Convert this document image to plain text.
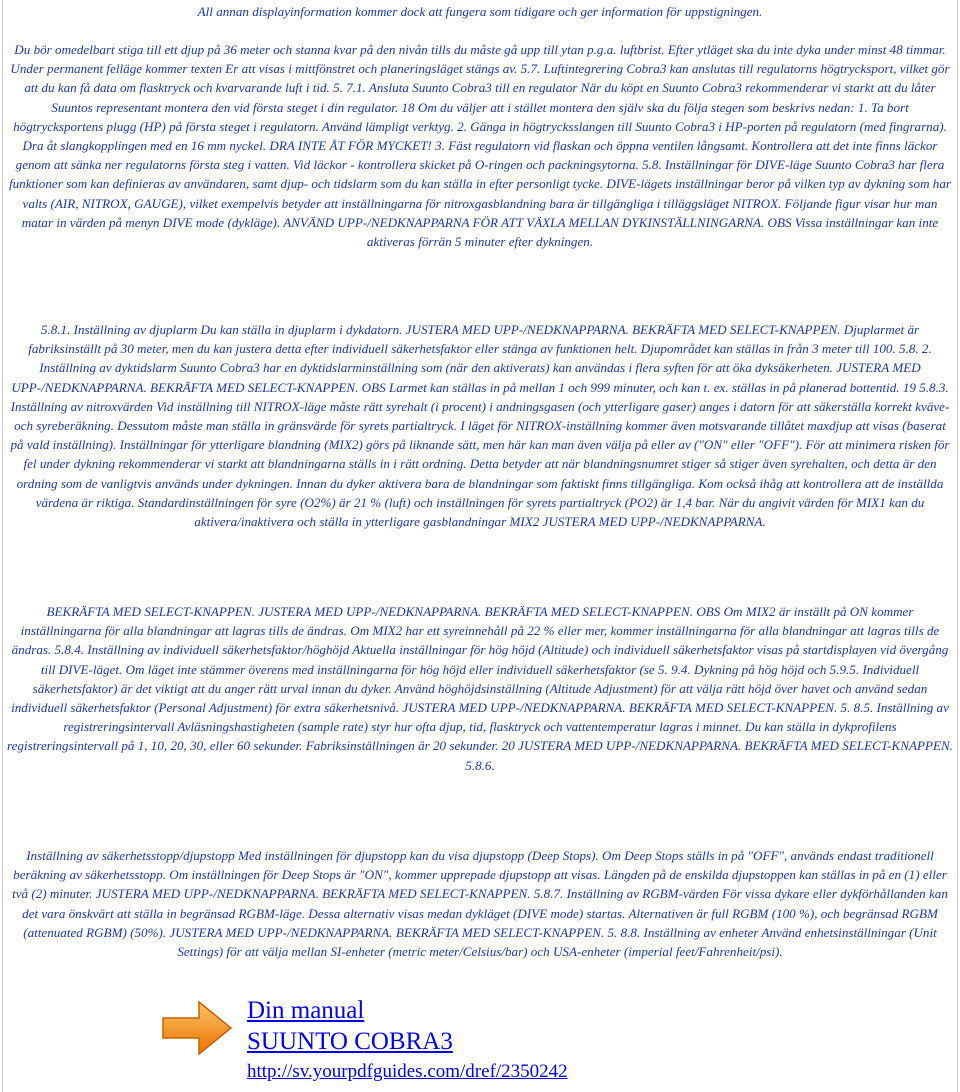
All annan displayinformation kommer dock att fungera som tidigare och ger information för uppstigningen.

Du bör omedelbart stiga till ett djup på 36 meter och stanna kvar på den nivån tills du måste gå upp till ytan p.g.a. luftbrist. Efter ytläget ska du inte dyka under minst 48 timmar. Under permanent felläge kommer texten Er att visas i mittfönstret och planeringsläget stängs av. 5.7. Luftintegrering Cobra3 kan anslutas till regulatorns högtrycksport, vilket gör att du kan få data om flasktryck och kvarvarande luft i tid. 5. 7.1. Ansluta Suunto Cobra3 till en regulator När du köpt en Suunto Cobra3 rekommenderar vi starkt att du låter Suuntos representant montera den vid första steget i din regulator. 18 Om du väljer att i stället montera den själv ska du följa stegen som beskrivs nedan: 1. Ta bort högtrycksportens plugg (HP) på första steget i regulatorn. Använd lämpligt verktyg. 2. Gänga in högtrycksslangen till Suunto Cobra3 i HP-porten på regulatorn (med fingrarna). Dra åt slangkopplingen med en 16 mm nyckel. DRA INTE ÅT FÖR MYCKET! 3. Fäst regulatorn vid flaskan och öppna ventilen långsamt. Kontrollera att det inte finns läckor genom att sänka ner regulatorns första steg i vatten. Vid läckor - kontrollera skicket på O-ringen och packningsytorna. 5.8. Inställningar för DIVE-läge Suunto Cobra3 har flera funktioner som kan definieras av användaren, samt djup- och tidslarm som du kan ställa in efter personligt tycke. DIVE-lägets inställningar beror på vilken typ av dykning som har valts (AIR, NITROX, GAUGE), vilket exempelvis betyder att inställningarna för nitroxgasblandning bara är tillgängliga i tilläggsläget NITROX. Följande figur visar hur man matar in värden på menyn DIVE mode (dykläge). ANVÄND UPP-/NEDKNAPPARNA FÖR ATT VÄXLA MELLAN DYKINSTÄLLNINGARNA. OBS Vissa inställningar kan inte aktiveras förrän 5 minuter efter dykningen.

5.8.1. Inställning av djuplarm Du kan ställa in djuplarm i dykdatorn. JUSTERA MED UPP-/NEDKNAPPARNA. BEKRÄFTA MED SELECT-KNAPPEN. Djuplarmet är fabriksinställt på 30 meter, men du kan justera detta efter individuell säkerhetsfaktor eller stänga av funktionen helt. Djupområdet kan ställas in från 3 meter till 100. 5.8. 2. Inställning av dyktidslarm Suunto Cobra3 har en dyktidslarminställning som (när den aktiverats) kan användas i flera syften för att öka dyksäkerheten. JUSTERA MED UPP-/NEDKNAPPARNA. BEKRÄFTA MED SELECT-KNAPPEN. OBS Larmet kan ställas in på mellan 1 och 999 minuter, och kan t. ex. ställas in på planerad bottentid. 19 5.8.3. Inställning av nitroxvärden Vid inställning till NITROX-läge måste rätt syrehalt (i procent) i andningsgasen (och ytterligare gaser) anges i datorn för att säkerställa korrekt kväve- och syreberäkning. Dessutom måste man ställa in gränsvärde för syrets partialtryck. I läget för NITROX-inställning kommer även motsvarande tillåtet maxdjup att visas (baserat på vald inställning). Inställningar för ytterligare blandning (MIX2) görs på liknande sätt, men här kan man även välja på eller av ("ON" eller "OFF"). För att minimera risken för fel under dykning rekommenderar vi starkt att blandningarna ställs in i rätt ordning. Detta betyder att när blandningsnumret stiger så stiger även syrehalten, och detta är den ordning som de vanligtvis används under dykningen. Innan du dyker aktivera bara de blandningar som faktiskt finns tillgängliga. Kom också ihåg att kontrollera att de inställda värdena är riktiga. Standardinställningen för syre (O2%) är 21 % (luft) och inställningen för syrets partialtryck (PO2) är 1,4 bar. När du angivit värden för MIX1 kan du aktivera/inaktivera och ställa in ytterligare gasblandningar MIX2 JUSTERA MED UPP-/NEDKNAPPARNA.

BEKRÄFTA MED SELECT-KNAPPEN. JUSTERA MED UPP-/NEDKNAPPARNA. BEKRÄFTA MED SELECT-KNAPPEN. OBS Om MIX2 är inställt på ON kommer inställningarna för alla blandningar att lagras tills de ändras. Om MIX2 har ett syreinnehåll på 22 % eller mer, kommer inställningarna för alla blandningar att lagras tills de ändras. 5.8.4. Inställning av individuell säkerhetsfaktor/höghöjd Aktuella inställningar för hög höjd (Altitude) och individuell säkerhetsfaktor visas på startdisplayen vid övergång till DIVE-läget. Om läget inte stämmer överens med inställningarna för hög höjd eller individuell säkerhetsfaktor (se 5. 9.4. Dykning på hög höjd och 5.9.5. Individuell säkerhetsfaktor) är det viktigt att du anger rätt urval innan du dyker. Använd höghöjdsinställning (Altitude Adjustment) för att välja rätt höjd över havet och använd sedan individuell säkerhetsfaktor (Personal Adjustment) för extra säkerhetsnivå. JUSTERA MED UPP-/NEDKNAPPARNA. BEKRÄFTA MED SELECT-KNAPPEN. 5. 8.5. Inställning av registreringsintervall Avläsningshastigheten (sample rate) styr hur ofta djup, tid, flasktryck och vattentemperatur lagras i minnet. Du kan ställa in dykprofilens registreringsintervall på 1, 10, 20, 30, eller 60 sekunder. Fabriksinställningen är 20 sekunder. 20 JUSTERA MED UPP-/NEDKNAPPARNA. BEKRÄFTA MED SELECT-KNAPPEN. 5.8.6.

Inställning av säkerhetsstopp/djupstopp Med inställningen för djupstopp kan du visa djupstopp (Deep Stops). Om Deep Stops ställs in på "OFF", används endast traditionell beräkning av säkerhetsstopp. Om inställningen för Deep Stops är "ON", kommer upprepade djupstopp att visas. Längden på de enskilda djupstoppen kan ställas in på en (1) eller två (2) minuter. JUSTERA MED UPP-/NEDKNAPPARNA. BEKRÄFTA MED SELECT-KNAPPEN. 5.8.7. Inställning av RGBM-värden För vissa dykare eller dykförhållanden kan det vara önskvärt att ställa in begränsad RGBM-läge. Dessa alternativ visas medan dykläget (DIVE mode) startas. Alternativen är full RGBM (100 %), och begränsad RGBM (attenuated RGBM) (50%). JUSTERA MED UPP-/NEDKNAPPARNA. BEKRÄFTA MED SELECT-KNAPPEN. 5. 8.8. Inställning av enheter Använd enhetsinställningar (Unit Settings) för att välja mellan SI-enheter (metric meter/Celsius/bar) och USA-enheter (imperial feet/Fahrenheit/psi).

Din manual
SUUNTO COBRA3
http://sv.yourpdfguides.com/dref/2350242
